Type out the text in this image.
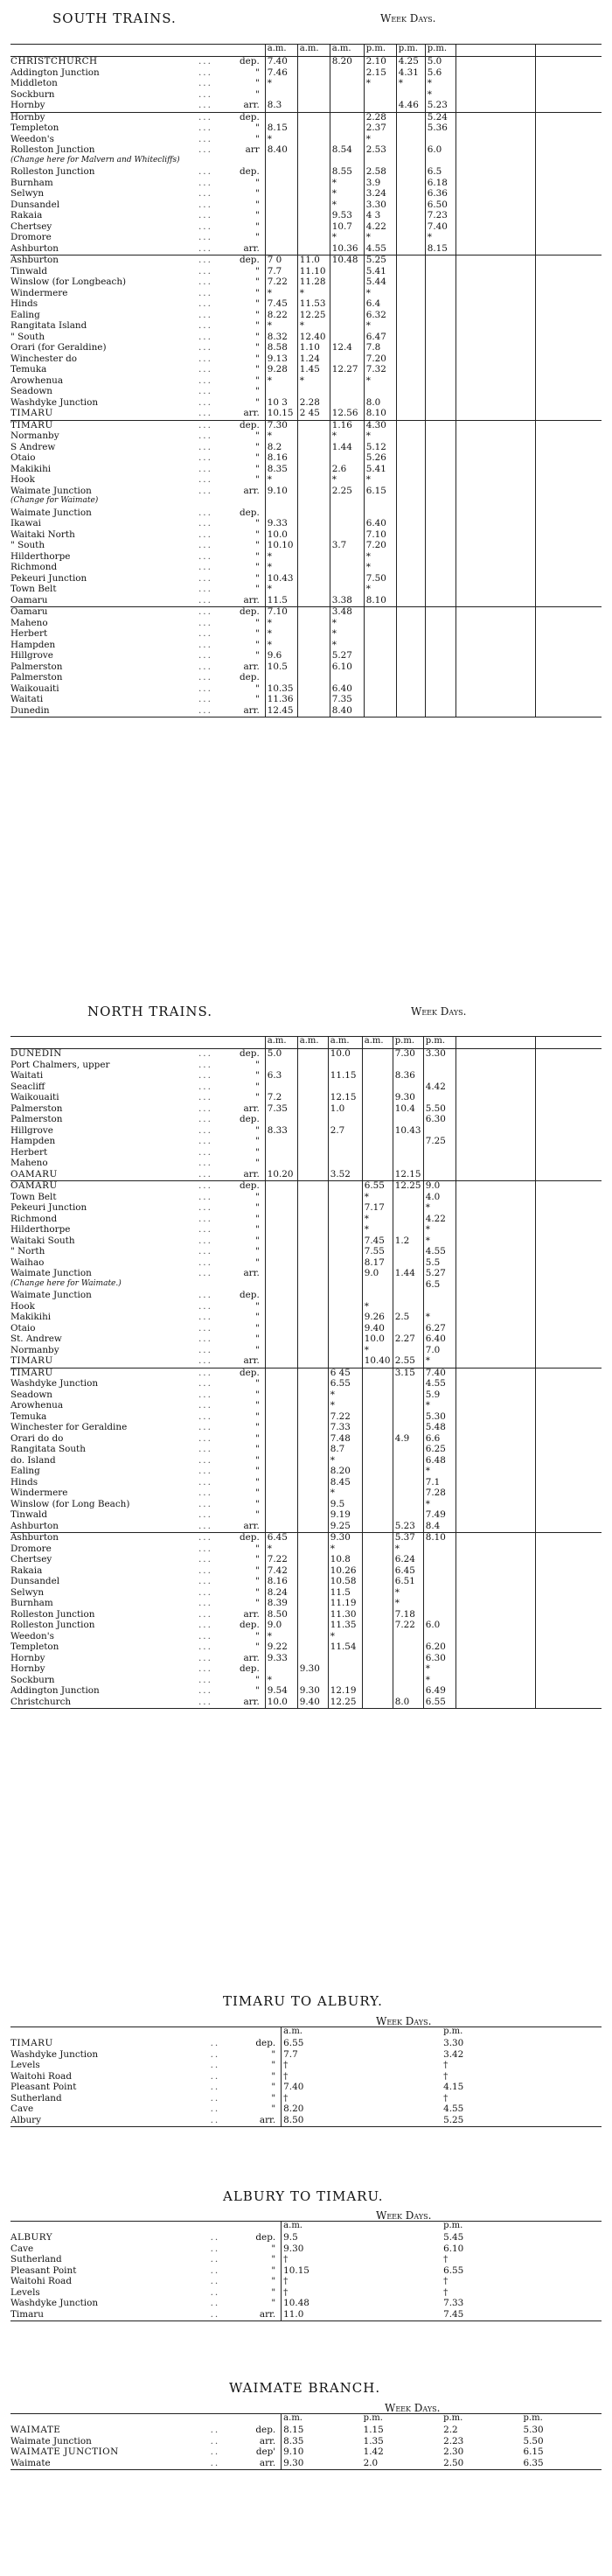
SOUTH TRAINS.	Week Days.
			a.m.	a.m.	a.m.	p.m.	p.m.	p.m.		
CHRISTCHURCH	...	dep.	7.40		8.20	2.10	4.25	5.0		
Addington Junction	...	"	7.46			2.15	4.31	5.6		
Middleton	...	"	*			*	*	*		
Sockburn	...	"						*		
Hornby	...	arr.	8.3				4.46	5.23		
Hornby	...	dep.				2.28		5.24		
Templeton	...	"	8.15			2.37		5.36		
Weedon's	...	"	*			*				
Rolleston Junction	...	arr	8.40		8.54	2.53		6.0		
(Change here for Malvern and Whitecliffs)										
Rolleston Junction	...	dep.			8.55	2.58		6.5		
Burnham	...	"			*	3.9		6.18		
Selwyn	...	"			*	3.24		6.36		
Dunsandel	...	"			*	3.30		6.50		
Rakaia	...	"			9.53	4 3		7.23		
Chertsey	...	"			10.7	4.22		7.40		
Dromore	...	"			*	*		*		
Ashburton	...	arr.			10.36	4.55		8.15		
Ashburton	...	dep.	7 0	11.0	10.48	5.25				
Tinwald	...	"	7.7	11.10		5.41				
Winslow (for Longbeach)	...	"	7.22	11.28		5.44				
Windermere	...	"	*	*		*				
Hinds	...	"	7.45	11.53		6.4				
Ealing	...	"	8.22	12.25		6.32				
Rangitata Island	...	"	*	*		*				
" South	...	"	8.32	12.40		6.47				
Orari (for Geraldine)	...	"	8.58	1.10	12.4	7.8				
Winchester do	...	"	9.13	1.24		7.20				
Temuka	...	"	9.28	1.45	12.27	7.32				
Arowhenua	...	"	*	*		*				
Seadown	...	"								
Washdyke Junction	...	"	10 3	2.28		8.0				
TIMARU	...	arr.	10.15	2 45	12.56	8.10				
TIMARU	...	dep.	7.30		1.16	4.30				
Normanby	...	"	*		*	*				
S Andrew	...	"	8.2		1.44	5.12				
Otaio	...	"	8.16			5.26				
Makikihi	...	"	8.35		2.6	5.41				
Hook	...	"	*		*	*				
Waimate Junction	...	arr.	9.10		2.25	6.15				
(Change for Waimate)										
Waimate Junction	...	dep.								
Ikawai	...	"	9.33			6.40				
Waitaki North	...	"	10.0			7.10				
" South	...	"	10.10		3.7	7.20				
Hilderthorpe	...	"	*			*				
Richmond	...	"	*			*				
Pekeuri Junction	...	"	10.43			7.50				
Town Belt	...	"	*			*				
Oamaru	...	arr.	11.5		3.38	8.10				
Oamaru	...	dep.	7.10		3.48					
Maheno	...	"	*		*					
Herbert	...	"	*		*					
Hampden	...	"	*		*					
Hillgrove	...	"	9.6		5.27					
Palmerston	...	arr.	10.5		6.10					
Palmerston	...	dep.								
Waikouaiti	...	"	10.35		6.40					
Waitati	...	"	11.36		7.35					
Dunedin	...	arr.	12.45		8.40					
NORTH TRAINS.	Week Days.
			a.m.	a.m.	a.m.	a.m.	p.m.	p.m.		
DUNEDIN	...	dep.	5.0		10.0		7.30	3.30		
Port Chalmers, upper	...	"								
Waitati	...	"	6.3		11.15		8.36			
Seacliff	...	"						4.42		
Waikouaiti	...	"	7.2		12.15		9.30			
Palmerston	...	arr.	7.35		1.0		10.4	5.50		
Palmerston	...	dep.						6.30		
Hillgrove	...	"	8.33		2.7		10.43			
Hampden	...	"						7.25		
Herbert	...	"								
Maheno	...	"								
OAMARU	...	arr.	10.20		3.52		12.15			
OAMARU	...	dep.				6.55	12.25	9.0		
Town Belt	...	"				*		4.0		
Pekeuri Junction	...	"				7.17		*		
Richmond	...	"				*		4.22		
Hilderthorpe	...	"				*		*		
Waitaki South	...	"				7.45	1.2	*		
" North	...	"				7.55		4.55		
Waihao	...	"				8.17		5.5		
Waimate Junction	...	arr.				9.0	1.44	5.27		
(Change here for Waimate.)								6.5		
Waimate Junction	...	dep.								
Hook	...	"				*				
Makikihi	...	"				9.26	2.5	*		
Otaio	...	"				9.40		6.27		
St. Andrew	...	"				10.0	2.27	6.40		
Normanby	...	"				*		7.0		
TIMARU	...	arr.				10.40	2.55	*		
TIMARU	...	dep.			6 45		3.15	7.40		
Washdyke Junction	...	"			6.55			4.55		
Seadown	...	"			*			5.9		
Arowhenua	...	"			*			*		
Temuka	...	"			7.22			5.30		
Winchester for Geraldine	...	"			7.33			5.48		
Orari do do	...	"			7.48		4.9	6.6		
Rangitata South	...	"			8.7			6.25		
do. Island	...	"			*			6.48		
Ealing	...	"			8.20			*		
Hinds	...	"			8.45			7.1		
Windermere	...	"			*			7.28		
Winslow (for Long Beach)	...	"			9.5			*		
Tinwald	...	"			9.19			7.49		
Ashburton	...	arr.			9.25		5.23	8.4		
Ashburton	...	dep.	6.45		9.30		5.37	8.10		
Dromore	...	"	*		*		*			
Chertsey	...	"	7.22		10.8		6.24			
Rakaia	...	"	7.42		10.26		6.45			
Dunsandel	...	"	8.16		10.58		6.51			
Selwyn	...	"	8.24		11.5		*			
Burnham	...	"	8.39		11.19		*			
Rolleston Junction	...	arr.	8.50		11.30		7.18			
Rolleston Junction	...	dep.	9.0		11.35		7.22	6.0		
Weedon's	...	"	*		*					
Templeton	...	"	9.22		11.54			6.20		
Hornby	...	arr.	9.33					6.30		
Hornby	...	dep.		9.30				*		
Sockburn	...	"	*					*		
Addington Junction	...	"	9.54	9.30	12.19			6.49		
Christchurch	...	arr.	10.0	9.40	12.25		8.0	6.55		
TIMARU TO ALBURY.
			a.m.	p.m.
TIMARU	..	dep.	6.55	3.30
Washdyke Junction	..	"	7.7	3.42
Levels	..	"	†	†
Waitohi Road	..	"	†	†
Pleasant Point	..	"	7.40	4.15
Sutherland	..	"	†	†
Cave	..	"	8.20	4.55
Albury	..	arr.	8.50	5.25
ALBURY TO TIMARU.
			a.m.	p.m.
ALBURY	..	dep.	9.5	5.45
Cave	..	"	9.30	6.10
Sutherland	..	"	†	†
Pleasant Point	..	"	10.15	6.55
Waitohi Road	..	"	†	†
Levels	..	"	†	†
Washdyke Junction	..	"	10.48	7.33
Timaru	..	arr.	11.0	7.45
WAIMATE BRANCH.
			a.m.	p.m.	p.m.	p.m.
WAIMATE	..	dep.	8.15	1.15	2.2	5.30
Waimate Junction	..	arr.	8.35	1.35	2.23	5.50
WAIMATE JUNCTION	..	dep'	9.10	1.42	2.30	6.15
Waimate	..	arr.	9.30	2.0	2.50	6.35
Week Days.
Week Days.
Week Days.
